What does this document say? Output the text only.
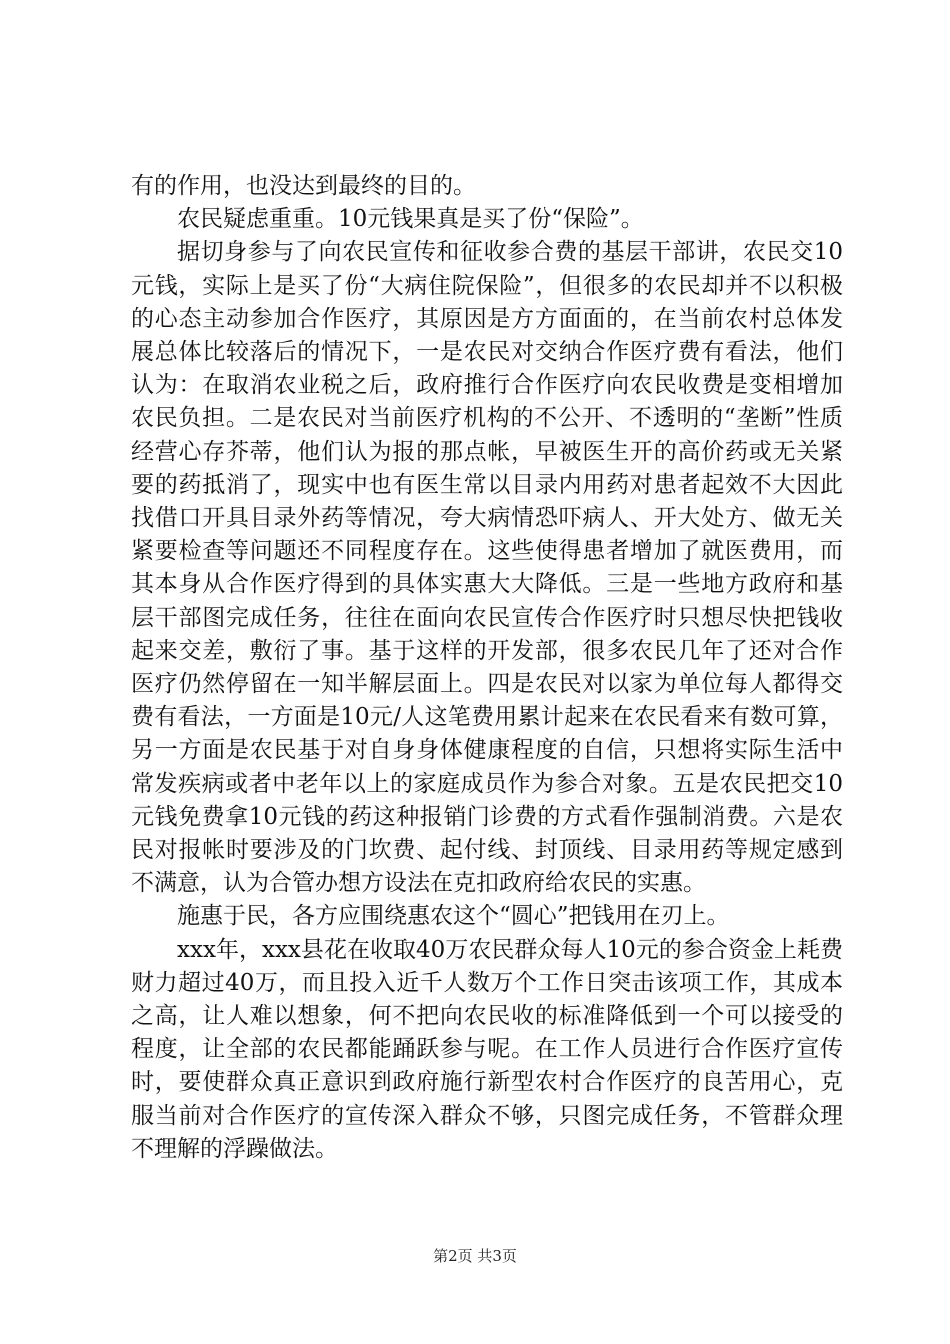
有的作用，也没达到最终的目的。

农民疑虑重重。10元钱果真是买了份“保险”。

据切身参与了向农民宣传和征收参合费的基层干部讲，农民交10元钱，实际上是买了份“大病住院保险”，但很多的农民却并不以积极的心态主动参加合作医疗，其原因是方方面面的，在当前农村总体发展总体比较落后的情况下，一是农民对交纳合作医疗费有看法，他们认为：在取消农业税之后，政府推行合作医疗向农民收费是变相增加农民负担。二是农民对当前医疗机构的不公开、不透明的“垄断”性质经营心存芥蒂，他们认为报的那点帐，早被医生开的高价药或无关紧要的药抵消了，现实中也有医生常以目录内用药对患者起效不大因此找借口开具目录外药等情况，夸大病情恐吓病人、开大处方、做无关紧要检查等问题还不同程度存在。这些使得患者增加了就医费用，而其本身从合作医疗得到的具体实惠大大降低。三是一些地方政府和基层干部图完成任务，往往在面向农民宣传合作医疗时只想尽快把钱收起来交差，敷衍了事。基于这样的开发部，很多农民几年了还对合作医疗仍然停留在一知半解层面上。四是农民对以家为单位每人都得交费有看法，一方面是10元/人这笔费用累计起来在农民看来有数可算，另一方面是农民基于对自身身体健康程度的自信，只想将实际生活中常发疾病或者中老年以上的家庭成员作为参合对象。五是农民把交10元钱免费拿10元钱的药这种报销门诊费的方式看作强制消费。六是农民对报帐时要涉及的门坎费、起付线、封顶线、目录用药等规定感到不满意，认为合管办想方设法在克扣政府给农民的实惠。

施惠于民，各方应围绕惠农这个“圆心”把钱用在刃上。

xxx年，xxx县花在收取40万农民群众每人10元的参合资金上耗费财力超过40万，而且投入近千人数万个工作日突击该项工作，其成本之高，让人难以想象，何不把向农民收的标准降低到一个可以接受的程度，让全部的农民都能踊跃参与呢。在工作人员进行合作医疗宣传时，要使群众真正意识到政府施行新型农村合作医疗的良苦用心，克服当前对合作医疗的宣传深入群众不够，只图完成任务，不管群众理不理解的浮躁做法。

第2页 共3页
